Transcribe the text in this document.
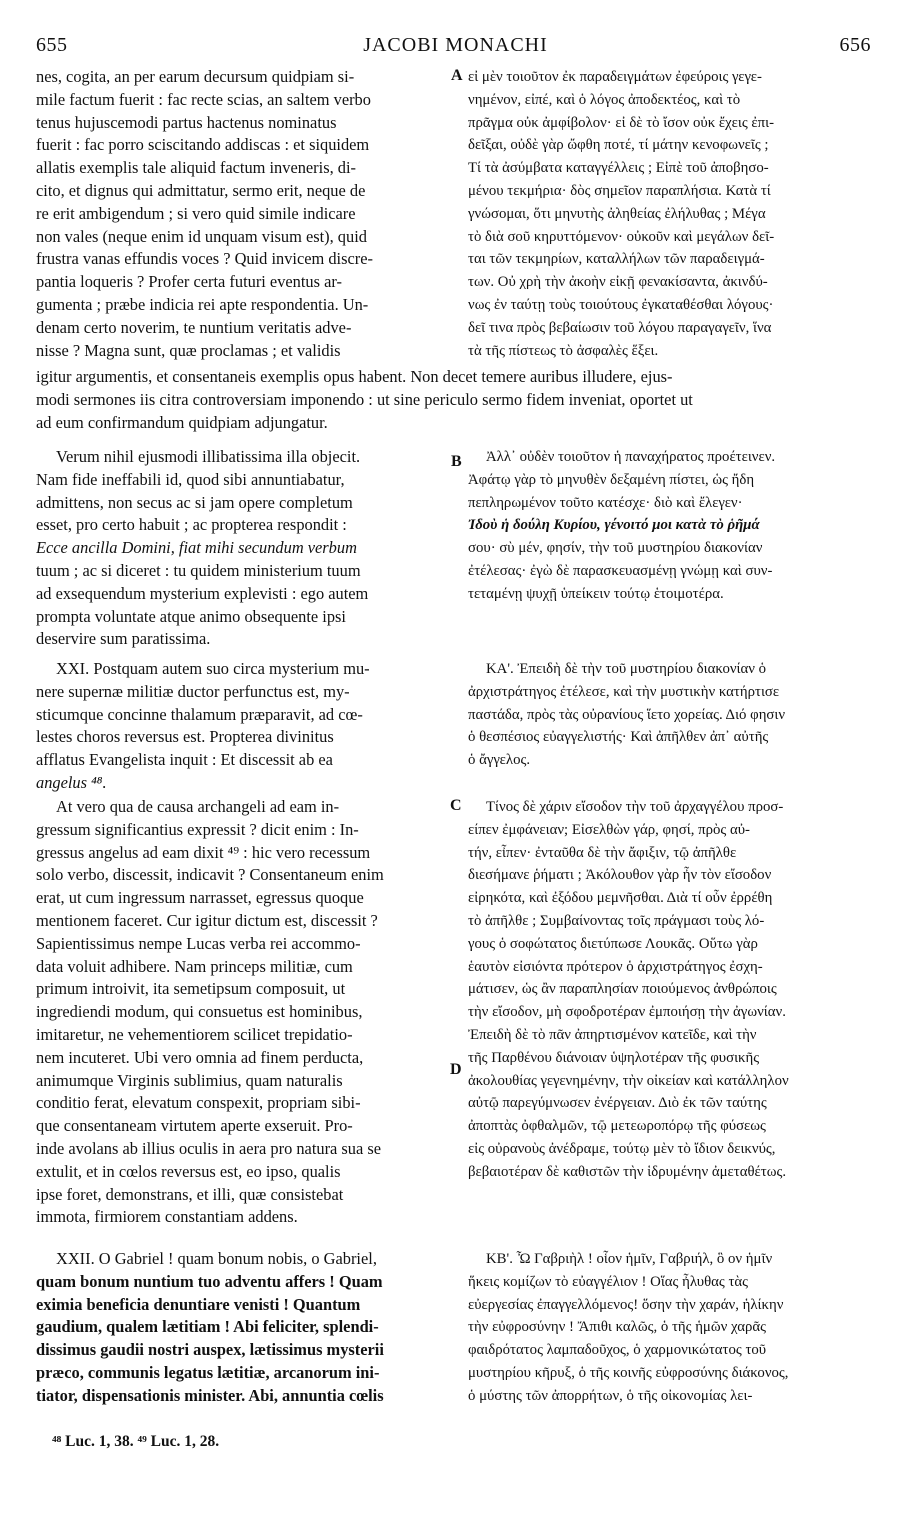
655	JACOBI MONACHI	656
nes, cogita, an per earum decursum quidpiam si-
mile factum fuerit : fac recte scias, an saltem verbo
tenus hujuscemodi partus hactenus nominatus
fuerit : fac porro sciscitando addiscas : et siquidem
allatis exemplis tale aliquid factum inveneris, di-
cito, et dignus qui admittatur, sermo erit, neque de
re erit ambigendum ; si vero quid simile indicare
non vales (neque enim id unquam visum est), quid
frustra vanas effundis voces ? Quid invicem discre-
pantia loqueris ? Profer certa futuri eventus ar-
gumenta ; præbe indicia rei apte respondentia. Un-
denam certo noverim, te nuntium veritatis adve-
nisse ? Magna sunt, quæ proclamas ; et validis
A εἰ μὲν τοιοῦτον ἐκ παραδειγμάτων ἐφεύροις γεγε-
νημένον, εἰπέ, καὶ ὁ λόγος ἀποδεκτέος, καὶ τὸ
πρᾶγμα οὐκ ἀμφίβολον· εἰ δὲ τὸ ἴσον οὐκ ἔχεις ἐπι-
δεῖξαι, οὐδὲ γὰρ ὤφθη ποτέ, τί μάτην κενοφωνεῖς ;
Τί τὰ ἀσύμβατα καταγγέλλεις ; Εἰπὲ τοῦ ἀποβησο-
μένου τεκμήρια· δὸς σημεῖον παραπλήσια. Κατὰ τί
γνώσομαι, ὅτι μηνυτὴς ἀληθείας ἐλήλυθας ; Μέγα
τὸ διὰ σοῦ κηρυττόμενον· οὐκοῦν καὶ μεγάλων δεῖ-
ται τῶν τεκμηρίων, καταλλήλων τῶν παραδειγμά-
των. Οὐ χρὴ τὴν ἀκοὴν εἰκῇ φενακίσαντα, ἀκινδύ-
νως ἐν ταύτῃ τοὺς τοιούτους ἐγκαταθέσθαι λόγους·
δεῖ τινα πρὸς βεβαίωσιν τοῦ λόγου παραγαγεῖν, ἵνα
τὰ τῆς πίστεως τὸ ἀσφαλὲς ἕξει.
igitur argumentis, et consentaneis exemplis opus habent. Non decet temere auribus illudere, ejus-
modi sermones iis citra controversiam imponendo : ut sine periculo sermo fidem inveniat, oportet ut
ad eum confirmandum quidpiam adjungatur.
Verum nihil ejusmodi illibatissima illa objecit.
Nam fide ineffabili id, quod sibi annuntiabatur,
admittens, non secus ac si jam opere completum
esset, pro certo habuit ; ac propterea respondit :
Ecce ancilla Domini, fiat mihi secundum verbum
tuum ; ac si diceret : tu quidem ministerium tuum
ad exsequendum mysterium explevisti : ego autem
prompta voluntate atque animo obsequente ipsi
deservire sum paratissima.
B	Ἀλλ᾽ οὐδὲν τοιοῦτον ἡ παναχήρατος προέτεινεν.
Ἀφάτῳ γὰρ τὸ μηνυθὲν δεξαμένη πίστει, ὡς ἤδη
πεπληρωμένον τοῦτο κατέσχε· διὸ καὶ ἔλεγεν·
Ἰδοὺ ἡ δούλη Κυρίου, γένοιτό μοι κατὰ τὸ ῥῆμά
σου· σὺ μέν, φησίν, τὴν τοῦ μυστηρίου διακονίαν
ἐτέλεσας· ἐγὼ δὲ παρασκευασμένῃ γνώμῃ καὶ συν-
τεταμένῃ ψυχῇ ὑπείκειν τούτῳ ἑτοιμοτέρα.
XXI. Postquam autem suo circa mysterium mu-
nere supernæ militiæ ductor perfunctus est, my-
sticumque concinne thalamum præparavit, ad cœ-
lestes choros reversus est. Propterea divinitus
afflatus Evangelista inquit : Et discessit ab ea
angelus ⁴⁸.
ΚΑ'. Ἐπειδὴ δὲ τὴν τοῦ μυστηρίου διακονίαν ὁ
ἀρχιστράτηγος ἐτέλεσε, καὶ τὴν μυστικὴν κατήρτισε
παστάδα, πρὸς τὰς οὐρανίους ἵετο χορείας. Διό φησιν
ὁ θεσπέσιος εὐαγγελιστής· Καὶ ἀπῆλθεν ἀπ᾽ αὐτῆς
ὁ ἄγγελος.
At vero qua de causa archangeli ad eam in-
gressum significantius expressit ? dicit enim : In-
gressus angelus ad eam dixit ⁴⁹ : hic vero recessum
solo verbo, discessit, indicavit ? Consentaneum enim
erat, ut cum ingressum narrasset, egressus quoque
mentionem faceret. Cur igitur dictum est, discessit ?
Sapientissimus nempe Lucas verba rei accommo-
data voluit adhibere. Nam princeps militiæ, cum
primum introivit, ita semetipsum composuit, ut
ingrediendi modum, qui consuetus est hominibus,
imitaretur, ne vehementiorem scilicet trepidatio-
nem incuteret. Ubi vero omnia ad finem perducta,
animumque Virginis sublimius, quam naturalis
conditio ferat, elevatum conspexit, propriam sibi-
que consentaneam virtutem aperte exseruit. Pro-
inde avolans ab illius oculis in aera pro natura sua se
extulit, et in cœlos reversus est, eo ipso, qualis
ipse foret, demonstrans, et illi, quæ consistebat
immota, firmiorem constantiam addens.
C
D
Τίνος δὲ χάριν εἴσοδον τὴν τοῦ ἀρχαγγέλου προσ-
είπεν ἐμφάνειαν; Εἰσελθὼν γάρ, φησί, πρὸς αὐ-
τήν, εἶπεν· ἐνταῦθα δὲ τὴν ἄφιξιν, τῷ ἀπῆλθε
διεσήμανε ῥήματι ; Ἀκόλουθον γὰρ ἦν τὸν εἴσοδον
εἰρηκότα, καὶ ἐξόδου μεμνῆσθαι. Διὰ τί οὖν ἐρρέθη
τὸ ἀπῆλθε ; Συμβαίνοντας τοῖς πράγμασι τοὺς λό-
γους ὁ σοφώτατος διετύπωσε Λουκᾶς. Οὕτω γὰρ
ἑαυτὸν εἰσιόντα πρότερον ὁ ἀρχιστράτηγος ἐσχη-
μάτισεν, ὡς ἂν παραπλησίαν ποιούμενος ἀνθρώποις
τὴν εἴσοδον, μὴ σφοδροτέραν ἐμποιήσῃ τὴν ἀγωνίαν.
Ἐπειδὴ δὲ τὸ πᾶν ἀπηρτισμένον κατεῖδε, καὶ τὴν
τῆς Παρθένου διάνοιαν ὑψηλοτέραν τῆς φυσικῆς
ἀκολουθίας γεγενημένην, τὴν οἰκείαν καὶ κατάλληλον
αὐτῷ παρεγύμνωσεν ἐνέργειαν. Διὸ ἐκ τῶν ταύτης
ἀποπτὰς ὀφθαλμῶν, τῷ μετεωροπόρῳ τῆς φύσεως
εἰς οὐρανοὺς ἀνέδραμε, τούτῳ μὲν τὸ ἴδιον δεικνύς,
βεβαιοτέραν δὲ καθιστῶν τὴν ἱδρυμένην ἀμεταθέτως.
XXII. O Gabriel ! quam bonum nobis, o Gabriel,
quam bonum nuntium tuo adventu affers ! Quam
eximia beneficia denuntiare venisti ! Quantum
gaudium, qualem lætitiam ! Abi feliciter, splendi-
dissimus gaudii nostri auspex, lætissimus mysterii
præco, communis legatus lætitiæ, arcanorum ini-
tiator, dispensationis minister. Abi, annuntia cœlis
ΚΒ'. Ὦ Γαβριὴλ ! οἷον ἡμῖν, Γαβριήλ, ὃ ον ἡμῖν
ἥκεις κομίζων τὸ εὐαγγέλιον ! Οἵας ἦλυθας τὰς
εὐεργεσίας ἐπαγγελλόμενος! ὅσην τὴν χαράν, ἡλίκην
τὴν εὐφροσύνην ! Ἄπιθι καλῶς, ὁ τῆς ἡμῶν χαρᾶς
φαιδρότατος λαμπαδοῦχος, ὁ χαρμονικώτατος τοῦ
μυστηρίου κῆρυξ, ὁ τῆς κοινῆς εὐφροσύνης διάκονος,
ὁ μύστης τῶν ἀπορρήτων, ὁ τῆς οἰκονομίας λει-
⁴⁸ Luc. 1, 38. ⁴⁹ Luc. 1, 28.
